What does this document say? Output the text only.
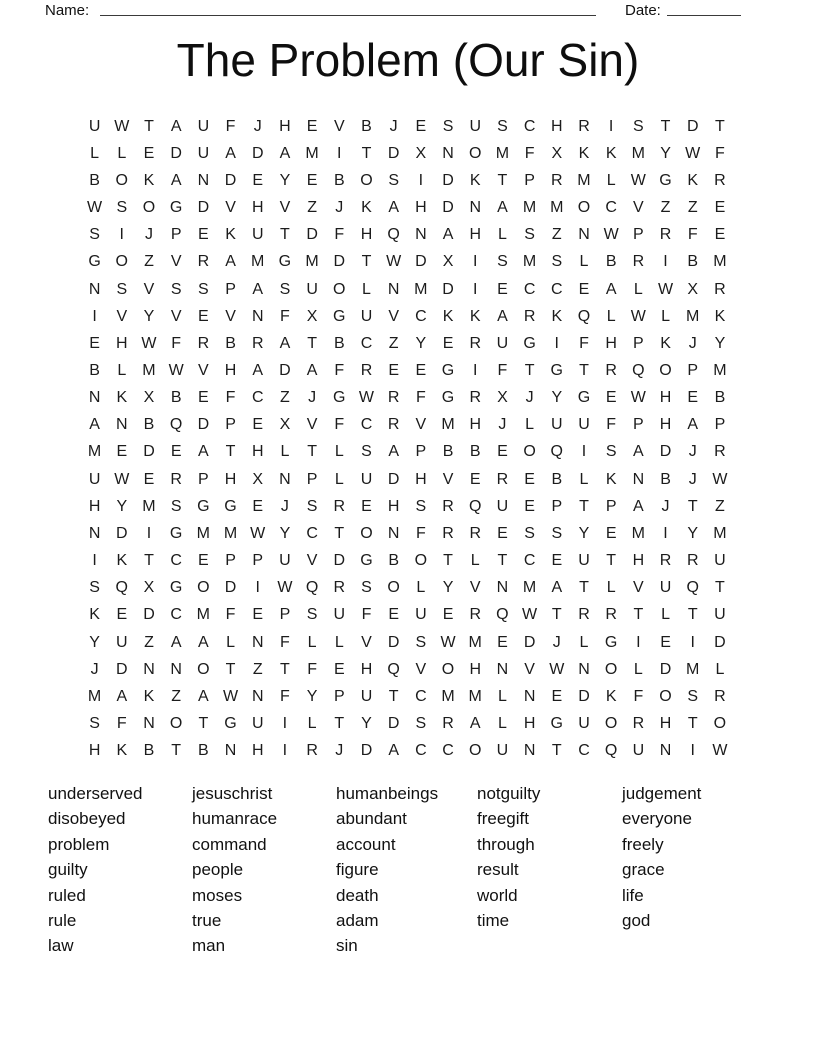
Name:	Date:
The Problem (Our Sin)
U W T	A	U	F	J	H	E	V	B	J	E	S	U	S	C H R	I	S	T	D	T
L	L	E	D U	A	D	A M	I	T	D	X	N O M F	X	K	K M Y W F
B O K	A	N D	E	Y	E	B O S	I	D	K	T	P	R M	L W G K	R
W S O G D	V	H	V	Z	J	K	A	H D N	A M M O C	V	Z	Z	E
S	I	J	P	E	K	U	T	D	F	H Q N	A	H	L	S	Z	N W P	R	F	E
G O	Z	V	R	A M G M D	T W D	X	I	S M S	L	B	R	I	B M
N	S	V	S	S	P	A	S	U O	L	N M D	I	E	C C	E	A	L W X	R
I	V	Y	V	E	V	N	F	X G U	V	C	K	K	A	R	K Q	L W L	M K
E	H W F	R	B	R	A	T	B	C	Z	Y	E	R U G	I	F	H	P	K	J	Y
B	L	M W V	H	A	D	A	F	R	E	E G	I	F	T	G	T	R Q O P M
N	K	X	B	E	F	C	Z	J	G W R	F	G R	X	J	Y G E W H	E	B
A	N	B Q D	P	E	X	V	F	C R	V M H	J	L	U U	F	P	H	A	P
M E	D	E	A	T	H	L	T	L	S	A	P	B	B	E O Q	I	S	A	D	J	R
U W E	R	P	H	X	N	P	L	U D H	V	E	R	E	B	L	K	N	B	J W
H	Y M S G G E	J	S	R	E	H	S	R Q U	E	P	T	P	A	J	T	Z
N D	I	G M M W Y	C	T	O N	F	R R	E	S	S	Y	E M	I	Y M
I	K	T	C	E	P	P	U	V	D G B O	T	L	T	C	E	U	T	H R R U
S Q X G O D	I	W Q R	S O	L	Y	V	N M A	T	L	V	U Q	T
K	E	D C M F	E	P	S	U	F	E	U	E	R Q W T	R R	T	L	T	U
Y	U	Z	A	A	L	N	F	L	L	V	D	S W M E	D	J	L	G	I	E	I	D
J	D N N O	T	Z	T	F	E	H Q V O H N	V W N O	L	D M	L
M A	K	Z	A W N	F	Y	P	U	T	C M M	L	N	E	D	K	F	O S	R
S	F	N O	T	G U	I	L	T	Y	D	S	R	A	L	H G U O R H	T	O
H	K	B	T	B	N H	I	R	J	D	A	C C O U N	T	C Q U N	I	W
underserved
disobeyed
problem
guilty
ruled
rule
law
jesuschrist
humanrace
command
people
moses
true
man
humanbeings
abundant
account
figure
death
adam
sin
notguilty
freegift
through
result
world
time
judgement
everyone
freely
grace
life
god
